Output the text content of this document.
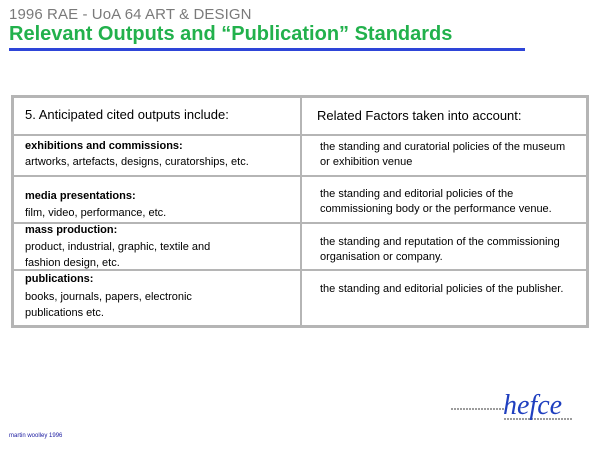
1996 RAE - UoA 64 ART & DESIGN
Relevant Outputs and “Publication” Standards
5. Anticipated cited outputs include:	Related Factors taken into account:
exhibitions and commissions:
artworks, artefacts, designs, curatorships, etc.
the standing and curatorial policies of the museum
or exhibition venue
media presentations:
film, video, performance, etc.
the standing and editorial policies of the
commissioning body or the performance venue.
mass production:
product, industrial, graphic, textile and
fashion design, etc.
the standing and reputation of the commissioning
organisation or company.
publications:
books, journals, papers, electronic
publications etc.
the standing and editorial policies of the publisher.
martin woolley 1996
hefce
